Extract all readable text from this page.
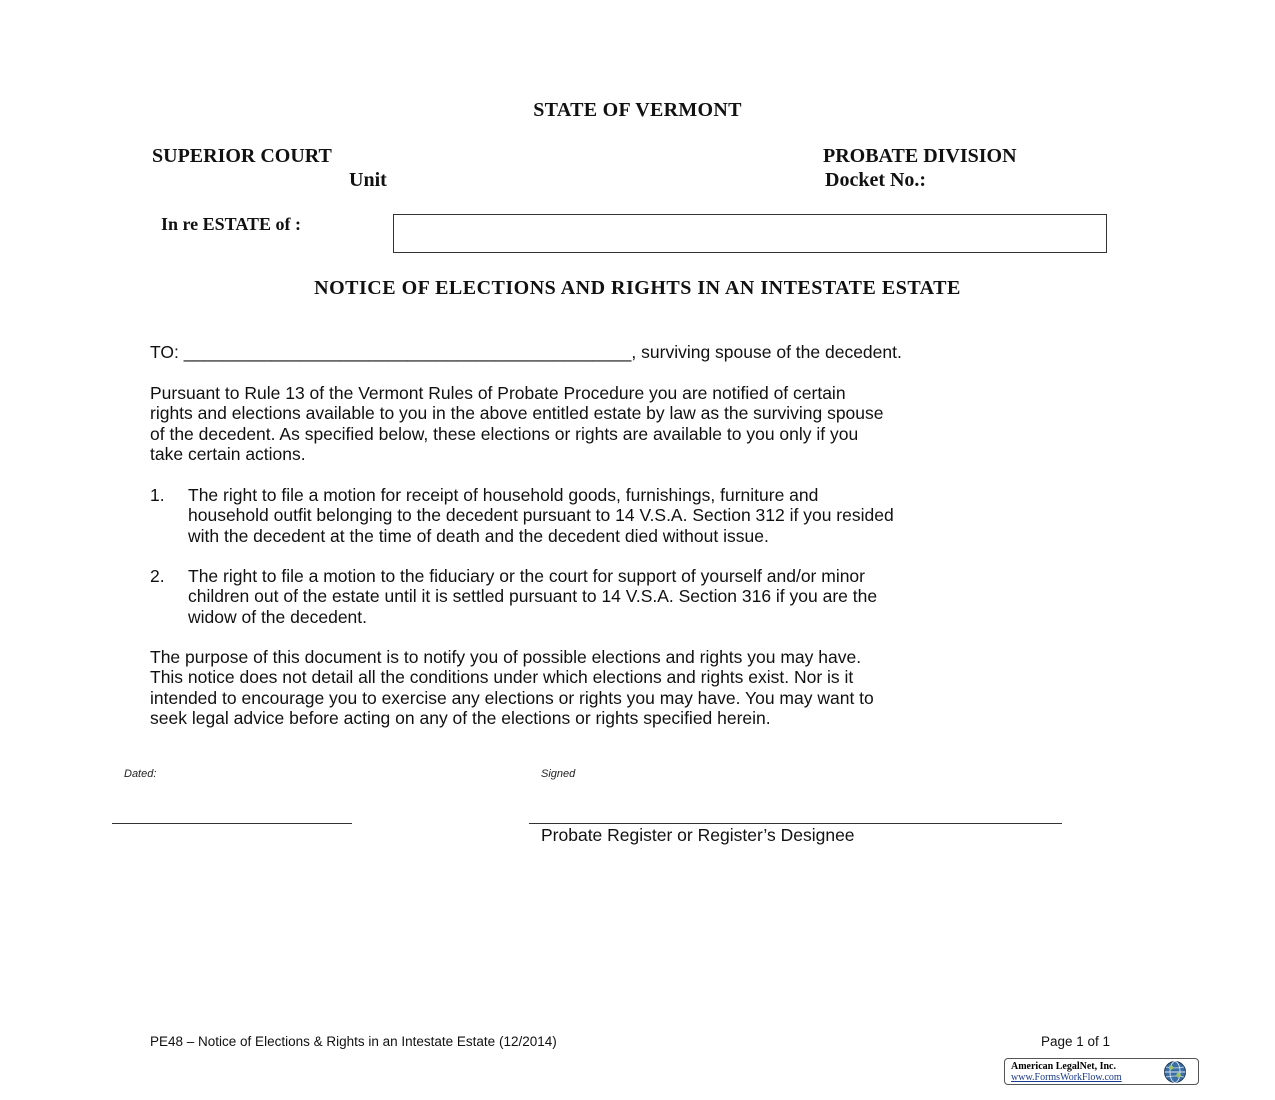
STATE OF VERMONT
SUPERIOR COURT
Unit
PROBATE DIVISION
Docket No.:
In re ESTATE of :
NOTICE OF ELECTIONS AND RIGHTS IN AN INTESTATE ESTATE
TO: ______________________________________________, surviving spouse of the decedent.
Pursuant to Rule 13 of the Vermont Rules of Probate Procedure you are notified of certain
rights and elections available to you in the above entitled estate by law as the surviving spouse
of the decedent. As specified below, these elections or rights are available to you only if you
take certain actions.
1. The right to file a motion for receipt of household goods, furnishings, furniture and
household outfit belonging to the decedent pursuant to 14 V.S.A. Section 312 if you resided
with the decedent at the time of death and the decedent died without issue.
2. The right to file a motion to the fiduciary or the court for support of yourself and/or minor
children out of the estate until it is settled pursuant to 14 V.S.A. Section 316 if you are the
widow of the decedent.
The purpose of this document is to notify you of possible elections and rights you may have.
This notice does not detail all the conditions under which elections and rights exist. Nor is it
intended to encourage you to exercise any elections or rights you may have. You may want to
seek legal advice before acting on any of the elections or rights specified herein.
Dated:	Signed
Probate Register or Register’s Designee
PE48 – Notice of Elections & Rights in an Intestate Estate (12/2014)	Page 1 of 1
American LegalNet, Inc.
www.FormsWorkFlow.com
